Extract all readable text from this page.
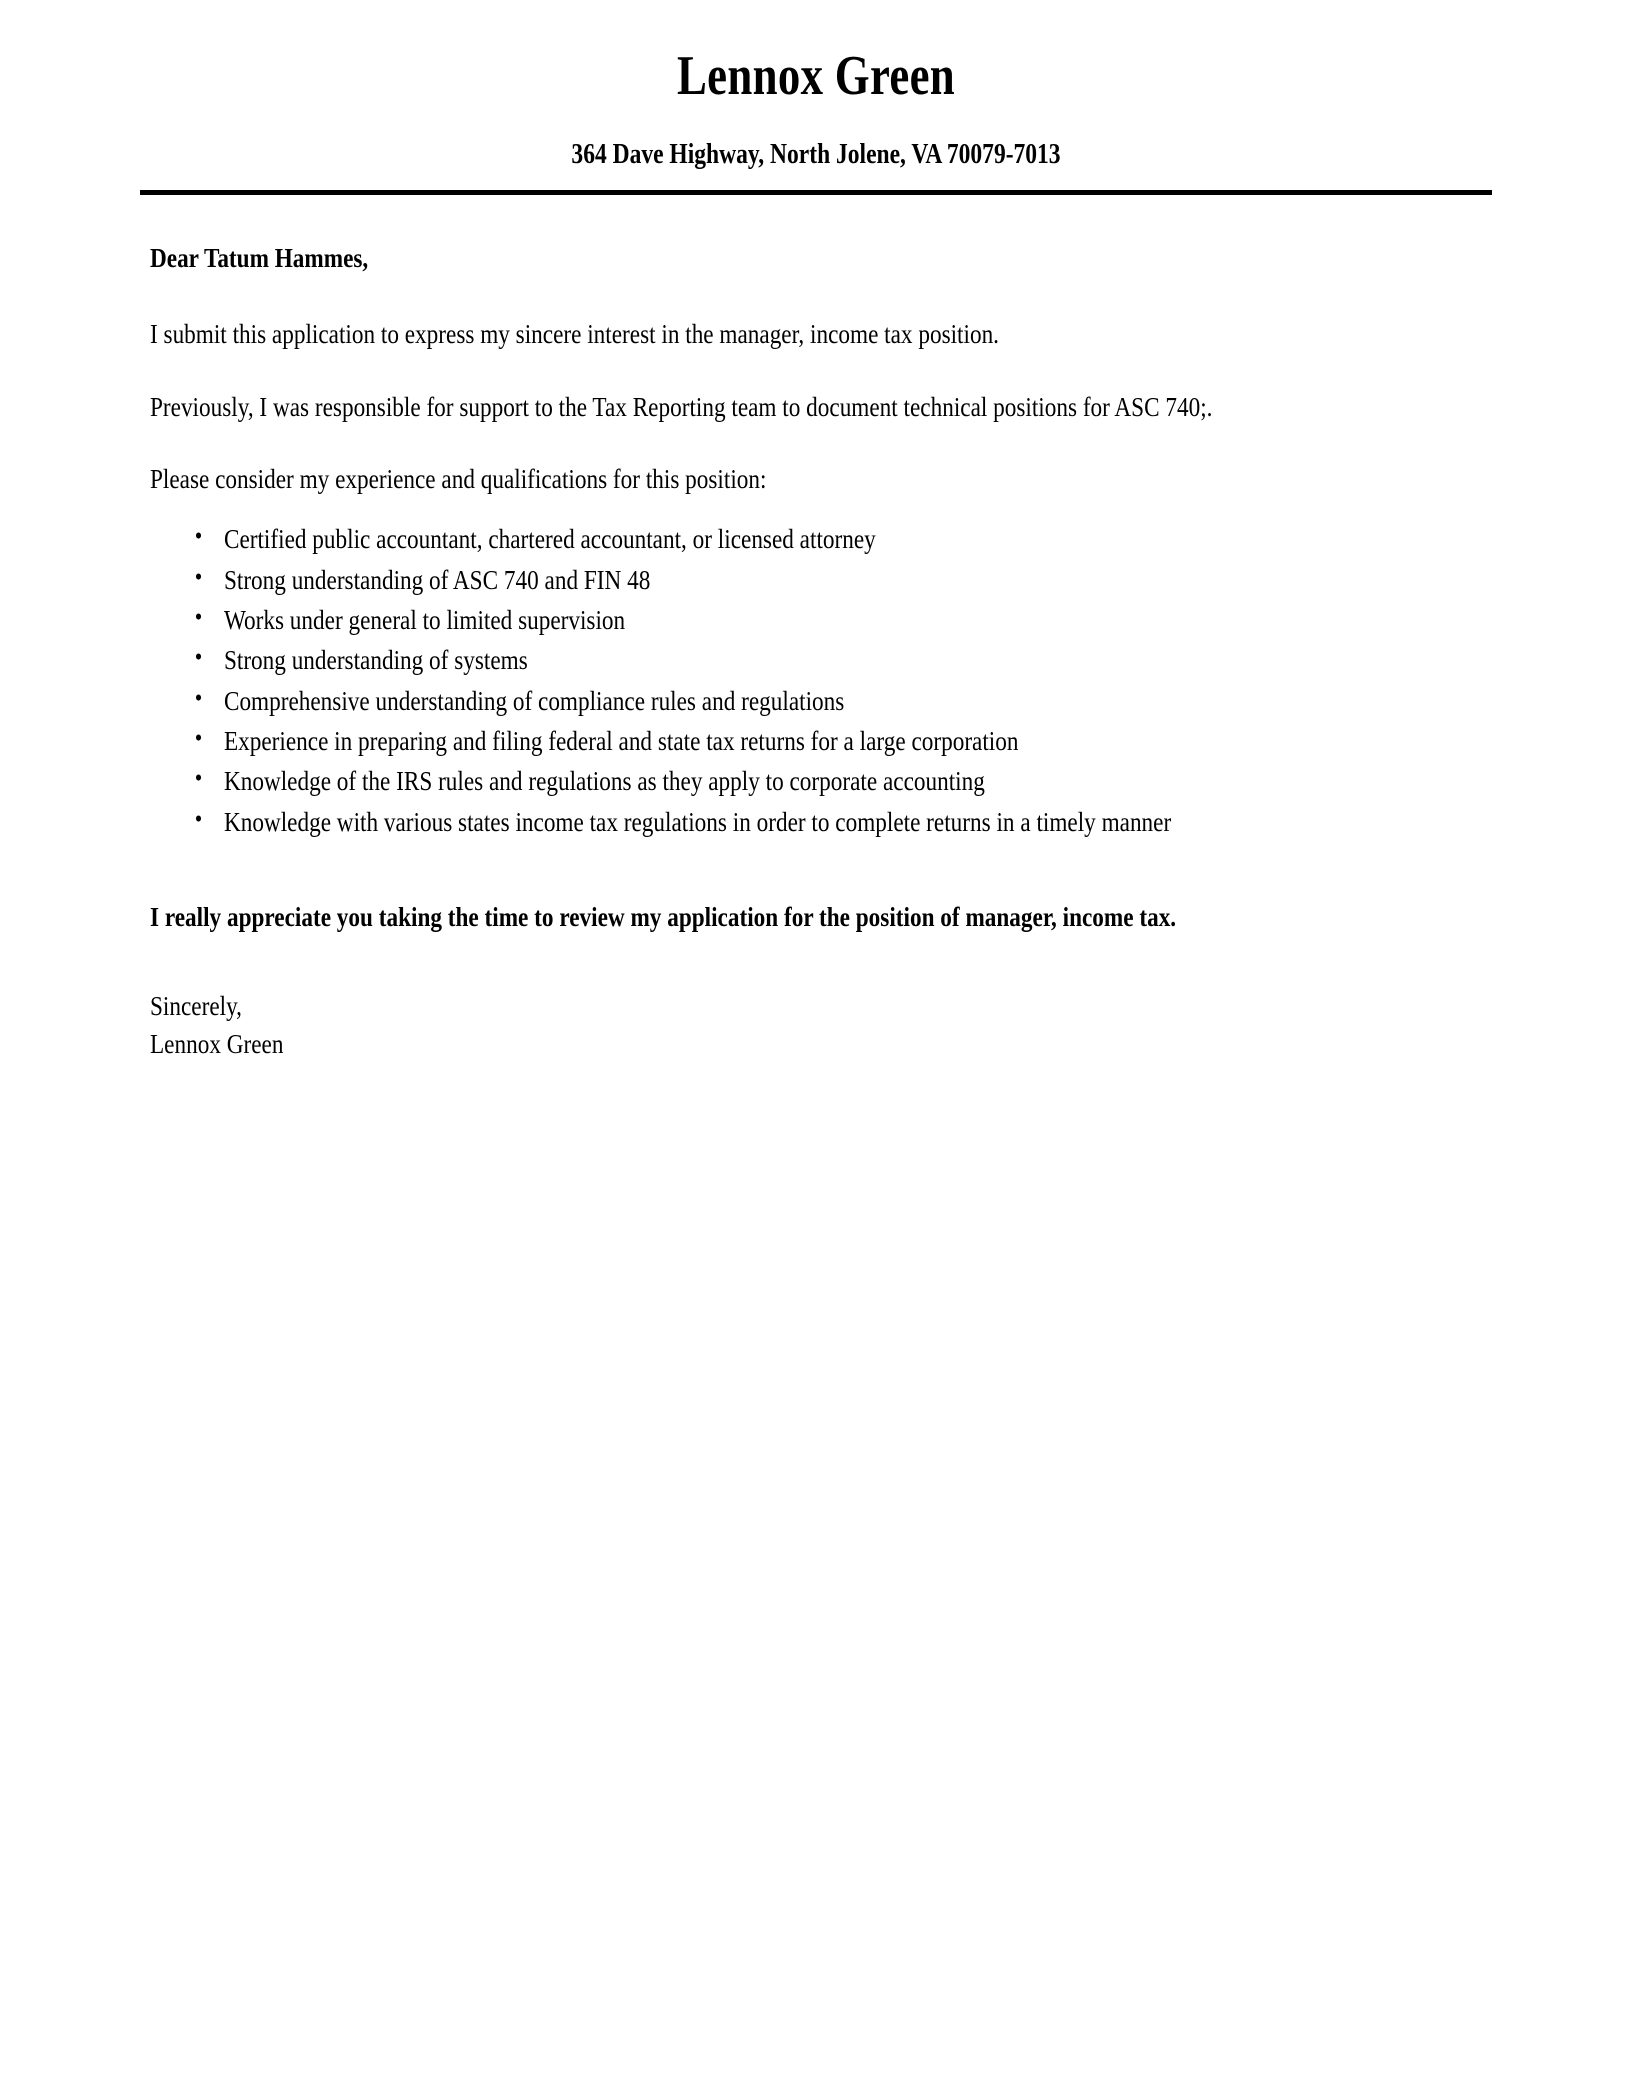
Lennox Green
364 Dave Highway, North Jolene, VA 70079-7013

Dear Tatum Hammes,

I submit this application to express my sincere interest in the manager, income tax position.

Previously, I was responsible for support to the Tax Reporting team to document technical positions for ASC 740;.

Please consider my experience and qualifications for this position:

• Certified public accountant, chartered accountant, or licensed attorney
• Strong understanding of ASC 740 and FIN 48
• Works under general to limited supervision
• Strong understanding of systems
• Comprehensive understanding of compliance rules and regulations
• Experience in preparing and filing federal and state tax returns for a large corporation
• Knowledge of the IRS rules and regulations as they apply to corporate accounting
• Knowledge with various states income tax regulations in order to complete returns in a timely manner

I really appreciate you taking the time to review my application for the position of manager, income tax.

Sincerely,

Lennox Green
